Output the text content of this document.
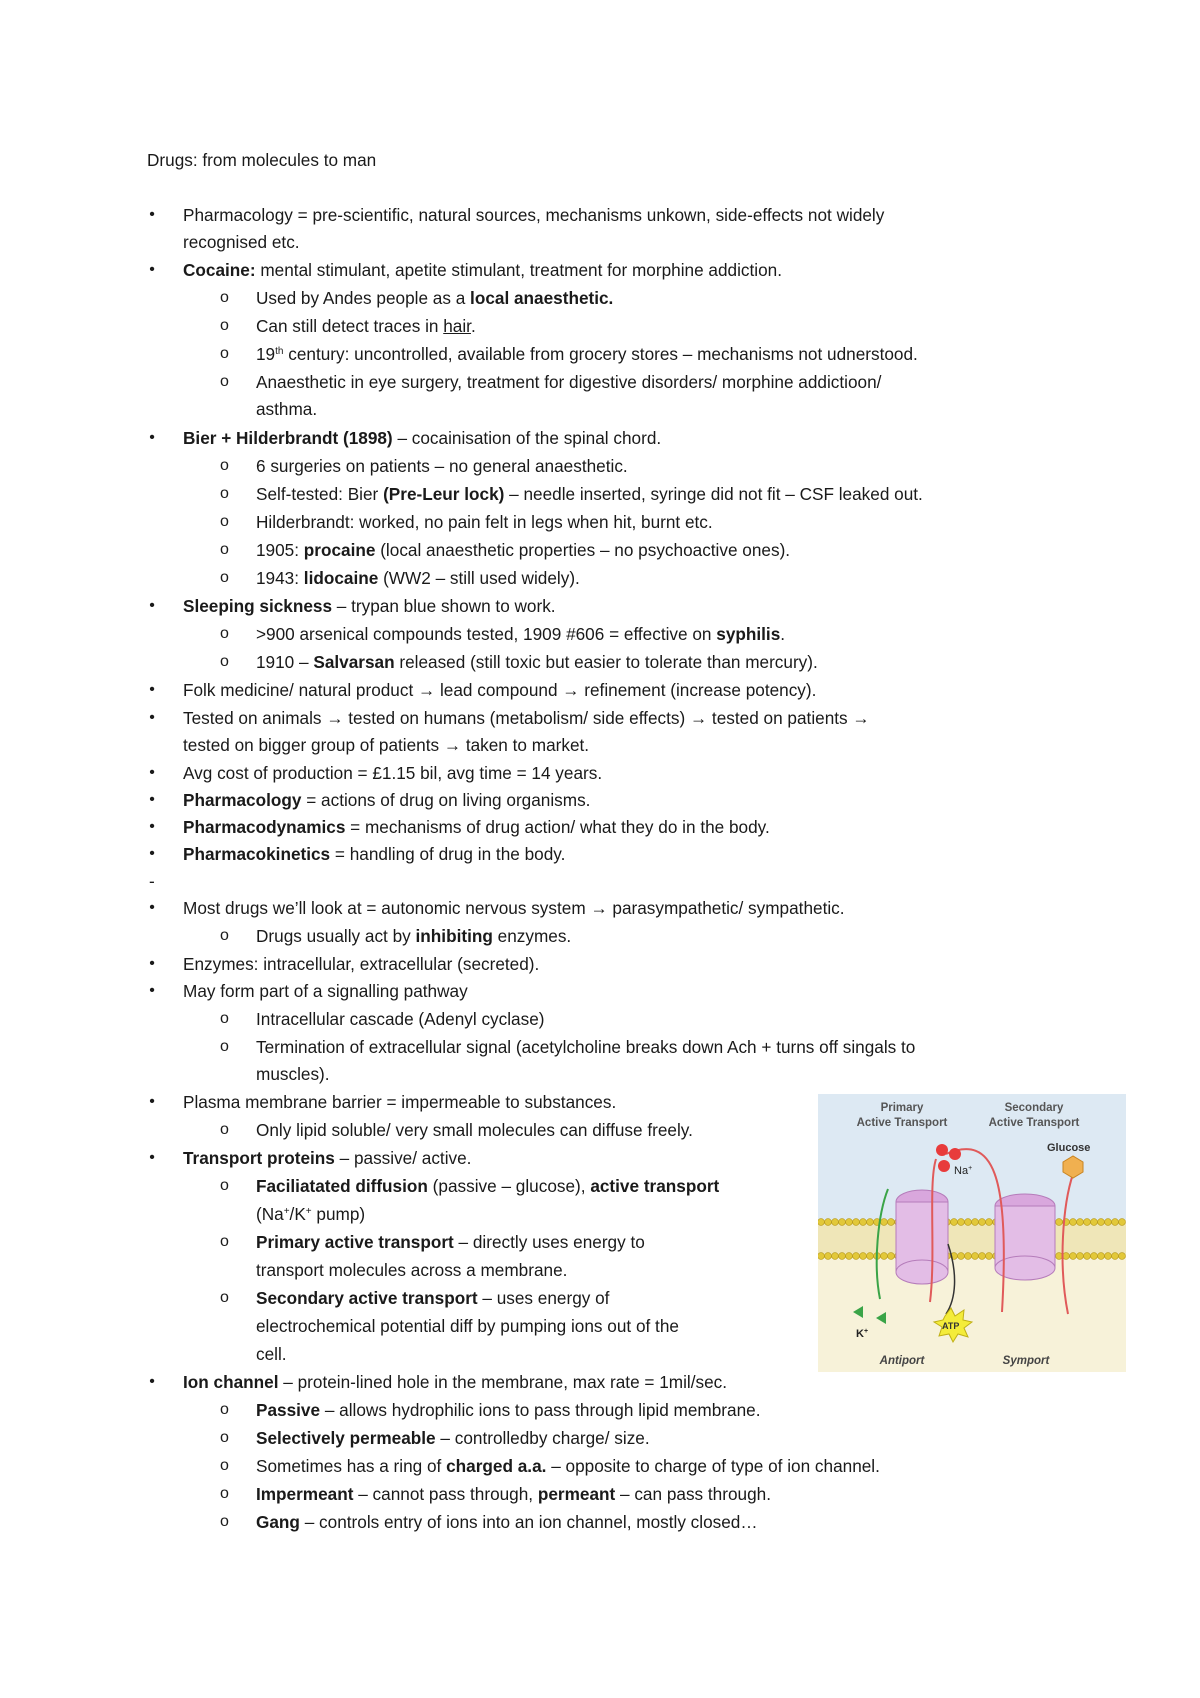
Drugs: from molecules to man
• Pharmacology = pre-scientific, natural sources, mechanisms unkown, side-effects not widely
recognised etc.
• Cocaine: mental stimulant, apetite stimulant, treatment for morphine addiction.
o Used by Andes people as a local anaesthetic.
o Can still detect traces in hair.
o 19th century: uncontrolled, available from grocery stores – mechanisms not udnerstood.
o Anaesthetic in eye surgery, treatment for digestive disorders/ morphine addictioon/
asthma.
• Bier + Hilderbrandt (1898) – cocainisation of the spinal chord.
o 6 surgeries on patients – no general anaesthetic.
o Self-tested: Bier (Pre-Leur lock) – needle inserted, syringe did not fit – CSF leaked out.
o Hilderbrandt: worked, no pain felt in legs when hit, burnt etc.
o 1905: procaine (local anaesthetic properties – no psychoactive ones).
o 1943: lidocaine (WW2 – still used widely).
• Sleeping sickness – trypan blue shown to work.
o >900 arsenical compounds tested, 1909 #606 = effective on syphilis.
o 1910 – Salvarsan released (still toxic but easier to tolerate than mercury).
• Folk medicine/ natural product → lead compound → refinement (increase potency).
• Tested on animals → tested on humans (metabolism/ side effects) → tested on patients →
tested on bigger group of patients → taken to market.
• Avg cost of production = £1.15 bil, avg time = 14 years.
• Pharmacology = actions of drug on living organisms.
• Pharmacodynamics = mechanisms of drug action/ what they do in the body.
• Pharmacokinetics = handling of drug in the body.
-
• Most drugs we’ll look at = autonomic nervous system → parasympathetic/ sympathetic.
o Drugs usually act by inhibiting enzymes.
• Enzymes: intracellular, extracellular (secreted).
• May form part of a signalling pathway
o Intracellular cascade (Adenyl cyclase)
o Termination of extracellular signal (acetylcholine breaks down Ach + turns off singals to
muscles).
• Plasma membrane barrier = impermeable to substances.
o Only lipid soluble/ very small molecules can diffuse freely.
• Transport proteins – passive/ active.
o Faciliatated diffusion (passive – glucose), active transport
(Na+/K+ pump)
o Primary active transport – directly uses energy to
transport molecules across a membrane.
o Secondary active transport – uses energy of
electrochemical potential diff by pumping ions out of the
cell.
• Ion channel – protein-lined hole in the membrane, max rate = 1mil/sec.
o Passive – allows hydrophilic ions to pass through lipid membrane.
o Selectively permeable – controlledby charge/ size.
o Sometimes has a ring of charged a.a. – opposite to charge of type of ion channel.
o Impermeant – cannot pass through, permeant – can pass through.
o Gang – controls entry of ions into an ion channel, mostly closed…
Na+
Glucose
K+
ATP
Primary
Active Transport
Secondary
Active Transport
Antiport	Symport
